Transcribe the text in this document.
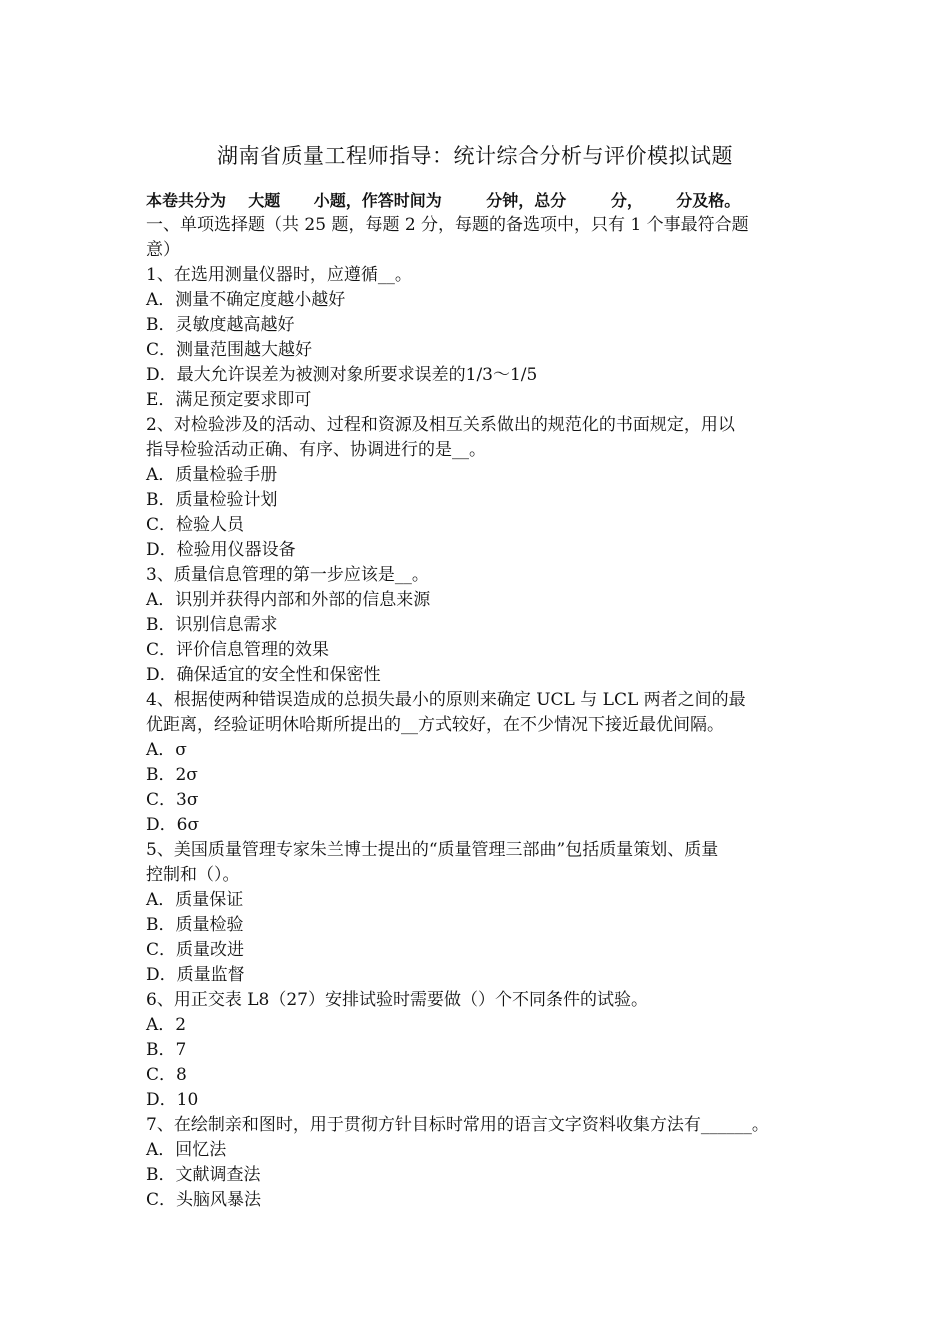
湖南省质量工程师指导：统计综合分析与评价模拟试题
本卷共分为    大题      小题，作答时间为        分钟，总分        分，      分及格。
一、单项选择题（共 25 题，每题 2 分，每题的备选项中，只有 1 个事最符合题
意）
1、在选用测量仪器时，应遵循__。
A．测量不确定度越小越好
B．灵敏度越高越好
C．测量范围越大越好
D．最大允许误差为被测对象所要求误差的1/3～1/5
E．满足预定要求即可
2、对检验涉及的活动、过程和资源及相互关系做出的规范化的书面规定，用以
指导检验活动正确、有序、协调进行的是__。
A．质量检验手册
B．质量检验计划
C．检验人员
D．检验用仪器设备
3、质量信息管理的第一步应该是__。
A．识别并获得内部和外部的信息来源
B．识别信息需求
C．评价信息管理的效果
D．确保适宜的安全性和保密性
4、根据使两种错误造成的总损失最小的原则来确定 UCL 与 LCL 两者之间的最
优距离，经验证明休哈斯所提出的__方式较好，在不少情况下接近最优间隔。
A．σ
B．2σ
C．3σ
D．6σ
5、美国质量管理专家朱兰博士提出的“质量管理三部曲”包括质量策划、质量
控制和（）。
A．质量保证
B．质量检验
C．质量改进
D．质量监督
6、用正交表 L8（27）安排试验时需要做（）个不同条件的试验。
A．2
B．7
C．8
D．10
7、在绘制亲和图时，用于贯彻方针目标时常用的语言文字资料收集方法有______。
A．回忆法
B．文献调查法
C．头脑风暴法
